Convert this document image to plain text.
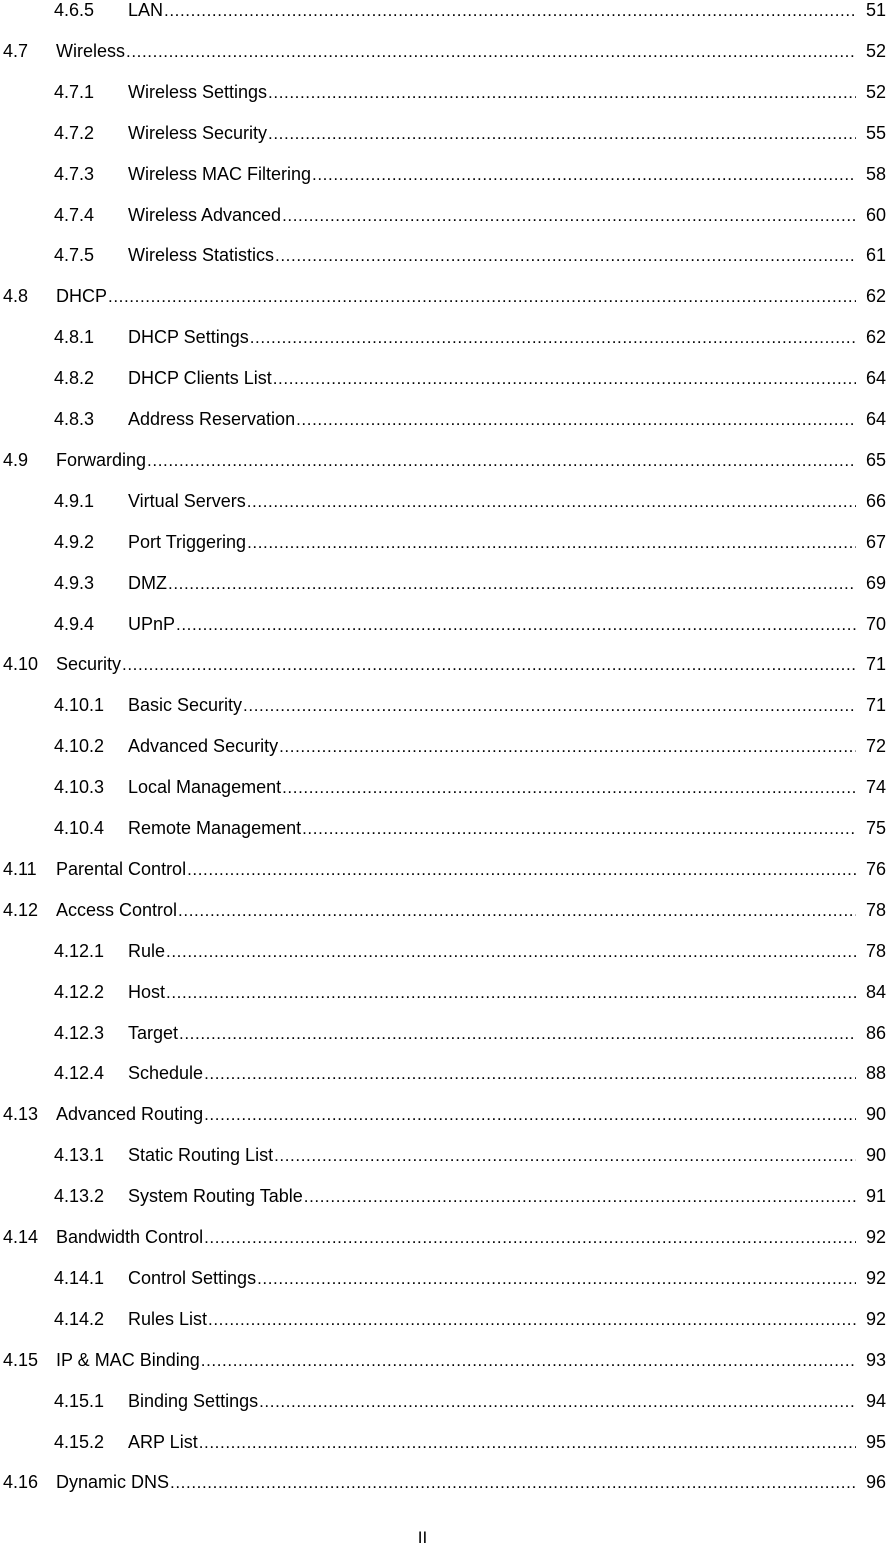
4.6.5 LAN .....	51
4.7 Wireless .....	52
4.7.1 Wireless Settings .....	52
4.7.2 Wireless Security .....	55
4.7.3 Wireless MAC Filtering .....	58
4.7.4 Wireless Advanced .....	60
4.7.5 Wireless Statistics .....	61
4.8 DHCP .....	62
4.8.1 DHCP Settings .....	62
4.8.2 DHCP Clients List .....	64
4.8.3 Address Reservation .....	64
4.9 Forwarding .....	65
4.9.1 Virtual Servers .....	66
4.9.2 Port Triggering .....	67
4.9.3 DMZ .....	69
4.9.4 UPnP .....	70
4.10 Security .....	71
4.10.1 Basic Security .....	71
4.10.2 Advanced Security .....	72
4.10.3 Local Management .....	74
4.10.4 Remote Management .....	75
4.11 Parental Control .....	76
4.12 Access Control .....	78
4.12.1 Rule .....	78
4.12.2 Host .....	84
4.12.3 Target .....	86
4.12.4 Schedule .....	88
4.13 Advanced Routing .....	90
4.13.1 Static Routing List .....	90
4.13.2 System Routing Table .....	91
4.14 Bandwidth Control .....	92
4.14.1 Control Settings .....	92
4.14.2 Rules List .....	92
4.15 IP & MAC Binding .....	93
4.15.1 Binding Settings .....	94
4.15.2 ARP List .....	95
4.16 Dynamic DNS .....	96
II
